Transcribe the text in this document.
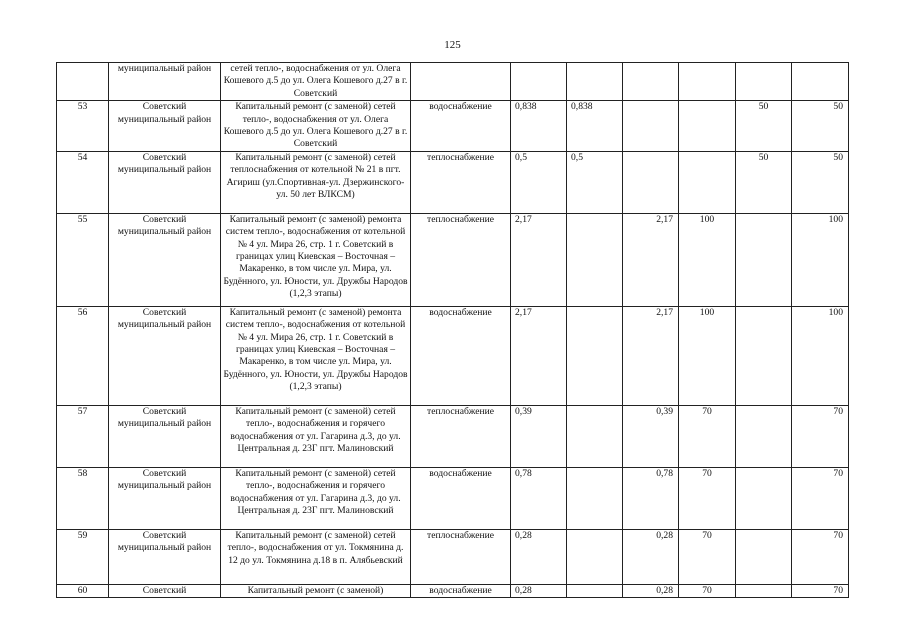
125
	муниципальный район	сетей тепло-, водоснабжения от ул. Олега Кошевого д.5 до ул. Олега Кошевого д.27 в г. Советский							
53	Советский муниципальный район	Капитальный ремонт (с заменой) сетей тепло-, водоснабжения от ул. Олега Кошевого д.5 до ул. Олега Кошевого д.27 в г. Советский	водоснабжение	0,838	0,838			50	50
54	Советский муниципальный район	Капитальный ремонт (с заменой) сетей теплоснабжения от котельной № 21 в пгт. Агириш (ул.Спортивная-ул. Дзержинского- ул. 50 лет ВЛКСМ)	теплоснабжение	0,5	0,5			50	50
55	Советский муниципальный район	Капитальный ремонт (с заменой) ремонта систем тепло-, водоснабжения от котельной № 4 ул. Мира 26, стр. 1 г. Советский в границах улиц Киевская – Восточная – Макаренко, в том числе ул. Мира, ул. Будённого, ул. Юности, ул. Дружбы Народов (1,2,3 этапы)	теплоснабжение	2,17		2,17	100		100
56	Советский муниципальный район	Капитальный ремонт (с заменой) ремонта систем тепло-, водоснабжения от котельной № 4 ул. Мира 26, стр. 1 г. Советский в границах улиц Киевская – Восточная – Макаренко, в том числе ул. Мира, ул. Будённого, ул. Юности, ул. Дружбы Народов (1,2,3 этапы)	водоснабжение	2,17		2,17	100		100
57	Советский муниципальный район	Капитальный ремонт (с заменой) сетей тепло-, водоснабжения и горячего водоснабжения от ул. Гагарина д.3, до ул. Центральная д. 23Г пгт. Малиновский	теплоснабжение	0,39		0,39	70		70
58	Советский муниципальный район	Капитальный ремонт (с заменой) сетей тепло-, водоснабжения и горячего водоснабжения от ул. Гагарина д.3, до ул. Центральная д. 23Г пгт. Малиновский	водоснабжение	0,78		0,78	70		70
59	Советский муниципальный район	Капитальный ремонт (с заменой) сетей тепло-, водоснабжения от ул. Токмянина д. 12 до ул. Токмянина д.18 в п. Алябьевский	теплоснабжение	0,28		0,28	70		70
60	Советский	Капитальный ремонт (с заменой)	водоснабжение	0,28		0,28	70		70
